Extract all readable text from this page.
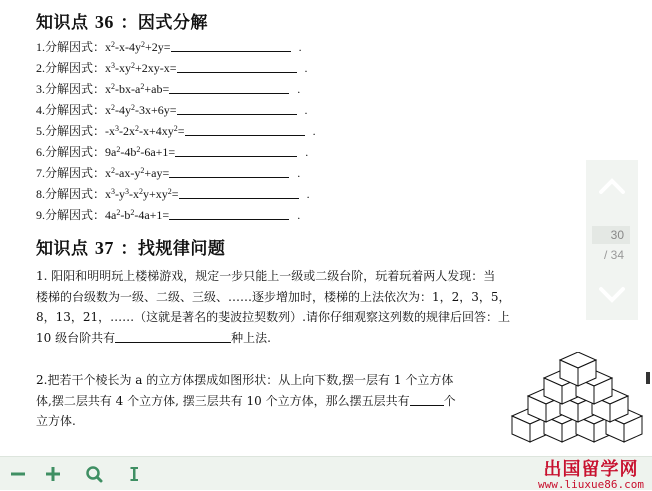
知识点 36 ：因式分解
1.分解因式：$x^2-x-4y^2+2y=$	.
2.分解因式：$x^3-xy^2+2xy-x=$	.
3.分解因式：$x^2-bx-a^2+ab=$	.
4.分解因式：$x^2-4y^2-3x+6y=$	.
5.分解因式：$-x^3-2x^2-x+4xy^2=$	.
6.分解因式：$9a^2-4b^2-6a+1=$	.
7.分解因式：$x^2-ax-y^2+ay=$	.
8.分解因式：$x^3-y^3-x^2y+xy^2=$	.
9.分解因式：$4a^2-b^2-4a+1=$	.
知识点 37 ：找规律问题
1. 阳阳和明明玩上楼梯游戏，规定一步只能上一级或二级台阶，玩着玩着两人发现：当
楼梯的台级数为一级、二级、三级、……逐步增加时，楼梯的上法依次为：1，2，3，5，
8，13，21，……（这就是著名的斐波拉契数列）.请你仔细观察这列数的规律后回答：上
10 级台阶共有	种上法.
2.把若干个棱长为 a 的立方体摆成如图形状：从上向下数,摆一层有 1 个立方体
体,摆二层共有 4 个立方体, 摆三层共有 10 个立方体，那么摆五层共有	个
立方体.
30
/ 34
出国留学网
www.liuxue86.com
